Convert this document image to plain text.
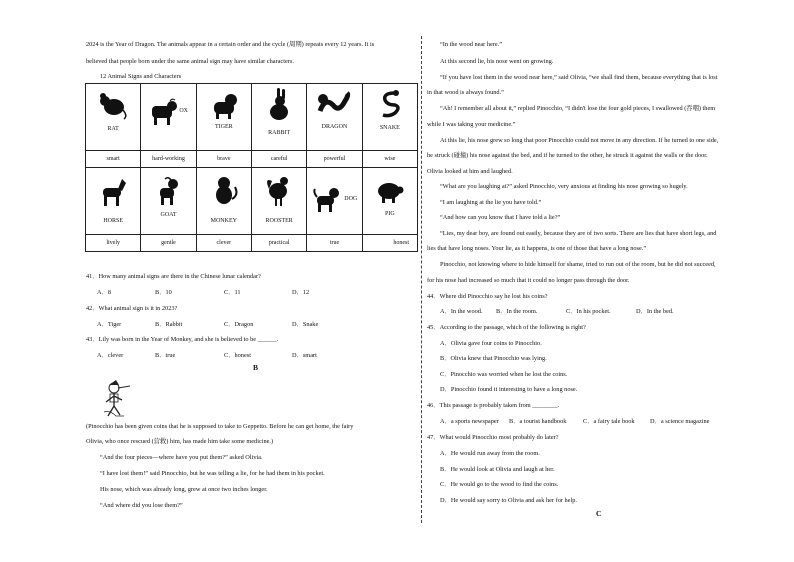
2024 is the Year of Dragon. The animals appear in a certain order and the cycle (周期) repeats every 12 years. It is

believed that people born under the same animal sign may have similar characters.

12 Animal Signs and Characters

RAT	OX	TIGER	RABBIT	DRAGON	SNAKE

smart	hard-working	brave	careful	powerful	wise

HORSE	GOAT	MONKEY	ROOSTER	DOG	PIG

lively	gentle	clever	practical	true	honest

41．How many animal signs are there in the Chinese lunar calendar?

A．8	B．10	C．11	D．12

42．What animal sign is it in 2023?

A．Tiger	B．Rabbit	C．Dragon	D．Snake

43．Lily was born in the Year of Monkey, and she is believed to be ______.

A．clever	B．true	C．honest	D．smart
B

(Pinocchio has been given coins that he is supposed to take to Geppetto. Before he can get home, the fairy

Olivia, who once rescued (营救) him, has made him take some medicine.)

“And the four pieces—where have you put them?” asked Olivia.

“I have lost them!” said Pinocchio, but he was telling a lie, for he had them in his pocket.

His nose, which was already long, grew at once two inches longer.

“And where did you lose them?”

“In the wood near here.”

At this second lie, his nose went on growing.

“If you have lost them in the wood near here,” said Olivia, “we shall find them, because everything that is lost

in that wood is always found.”

“Ah! I remember all about it,” replied Pinocchio, “I didn't lose the four gold pieces, I swallowed (吞咽) them

while I was taking your medicine.”

At this lie, his nose grew so long that poor Pinocchio could not move in any direction. If he turned to one side,

he struck (碰撞) his nose against the bed, and if he turned to the other, he struck it against the walls or the door.

Olivia looked at him and laughed.

“What are you laughing at?” asked Pinocchio, very anxious at finding his nose growing so hugely.

“I am laughing at the lie you have told.”

“And how can you know that I have told a lie?”

“Lies, my dear boy, are found out easily, because they are of two sorts. There are lies that have short legs, and

lies that have long noses. Your lie, as it happens, is one of those that have a long nose.”

Pinocchio, not knowing where to hide himself for shame, tried to run out of the room, but he did not succeed,

for his nose had increased so much that it could no longer pass through the door.

44．Where did Pinocchio say he lost his coins?

A．In the wood. B．In the room.	C．In his pocket.	D．In the bed.

45．According to the passage, which of the following is right?

A．Olivia gave four coins to Pinocchio.
B．Olivia knew that Pinocchio was lying.
C．Pinocchio was worried when he lost the coins.
D．Pinocchio found it interesting to have a long nose.

46．This passage is probably taken from ________.

A．a sports newspaper B．a tourist handbook	C．a fairy tale book D．a science magazine

47．What would Pinocchio most probably do later?

A．He would run away from the room.
B．He would look at Olivia and laugh at her.
C．He would go to the wood to find the coins.
D．He would say sorry to Olivia and ask her for help.
C
